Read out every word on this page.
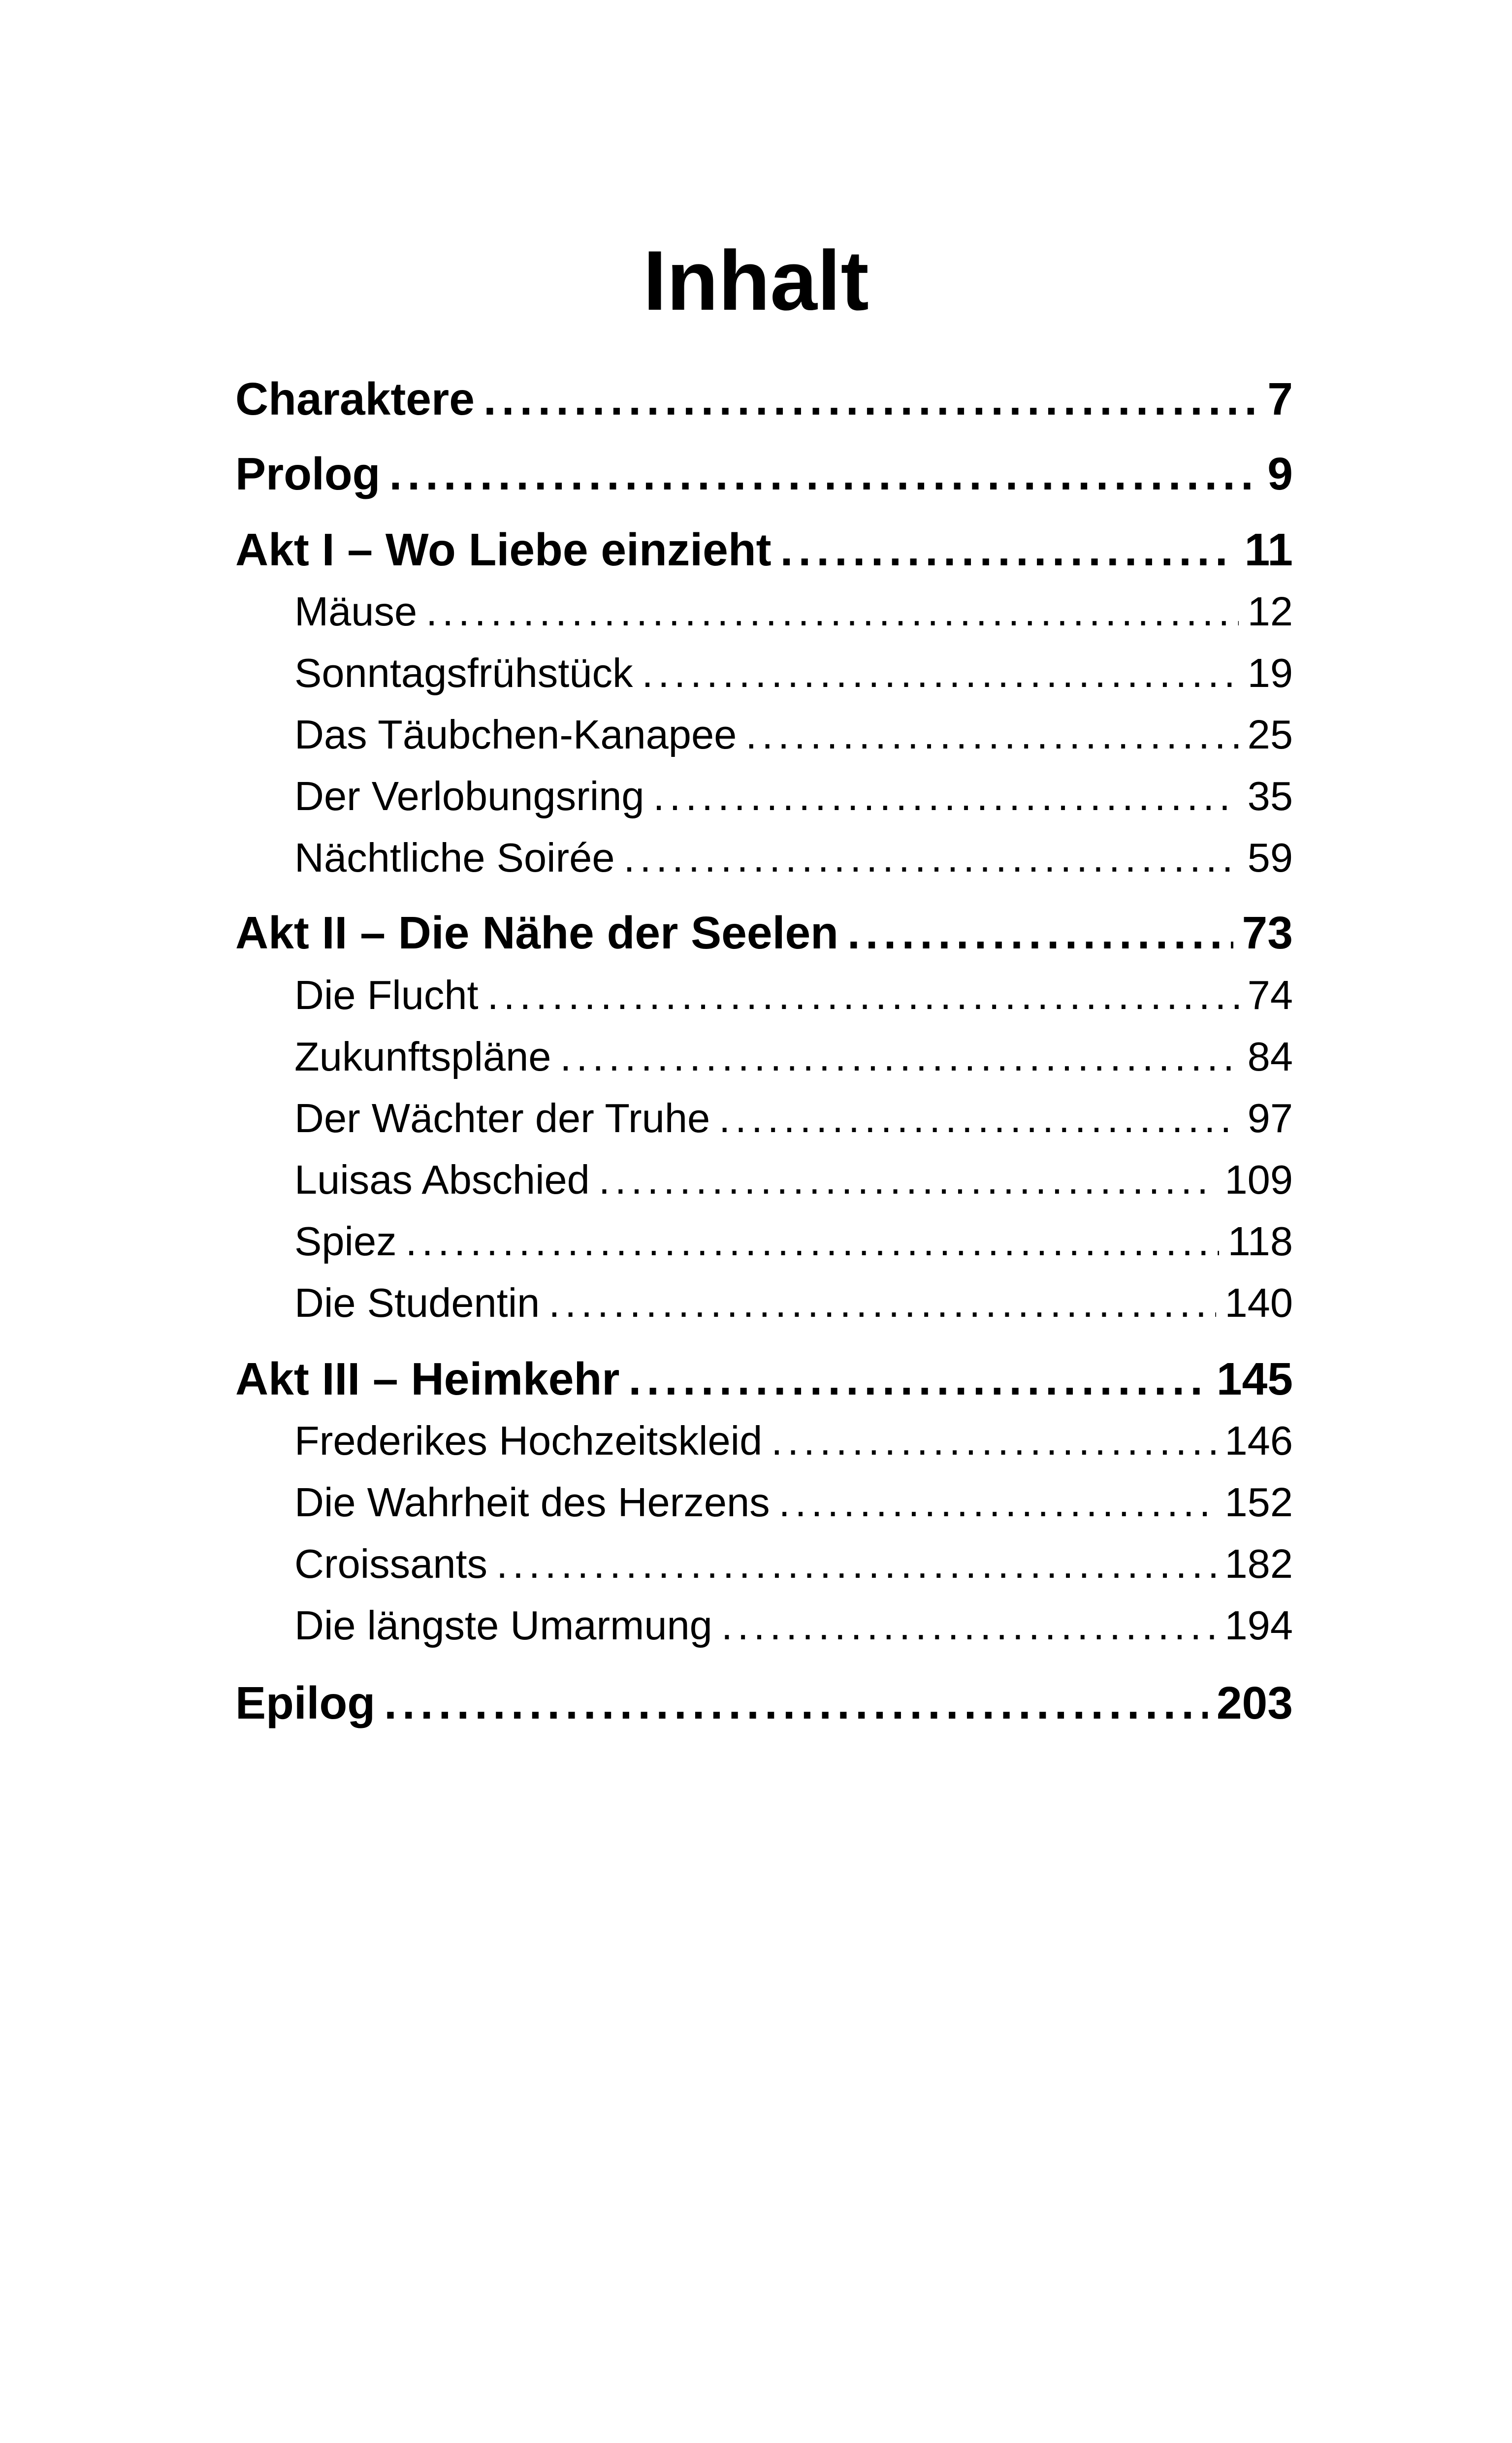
Inhalt
Charaktere . . .	7
Prolog . . .	9
Akt I – Wo Liebe einzieht . . .	11
Mäuse . . .	12
Sonntagsfrühstück . . .	19
Das Täubchen-Kanapee . . .	25
Der Verlobungsring . . .	35
Nächtliche Soirée . . .	59
Akt II – Die Nähe der Seelen . . .	73
Die Flucht . . .	74
Zukunftspläne . . .	84
Der Wächter der Truhe . . .	97
Luisas Abschied . . .	109
Spiez . . .	118
Die Studentin . . .	140
Akt III – Heimkehr . . .	145
Frederikes Hochzeitskleid . . .	146
Die Wahrheit des Herzens . . .	152
Croissants . . .	182
Die längste Umarmung . . .	194
Epilog . . .	203
